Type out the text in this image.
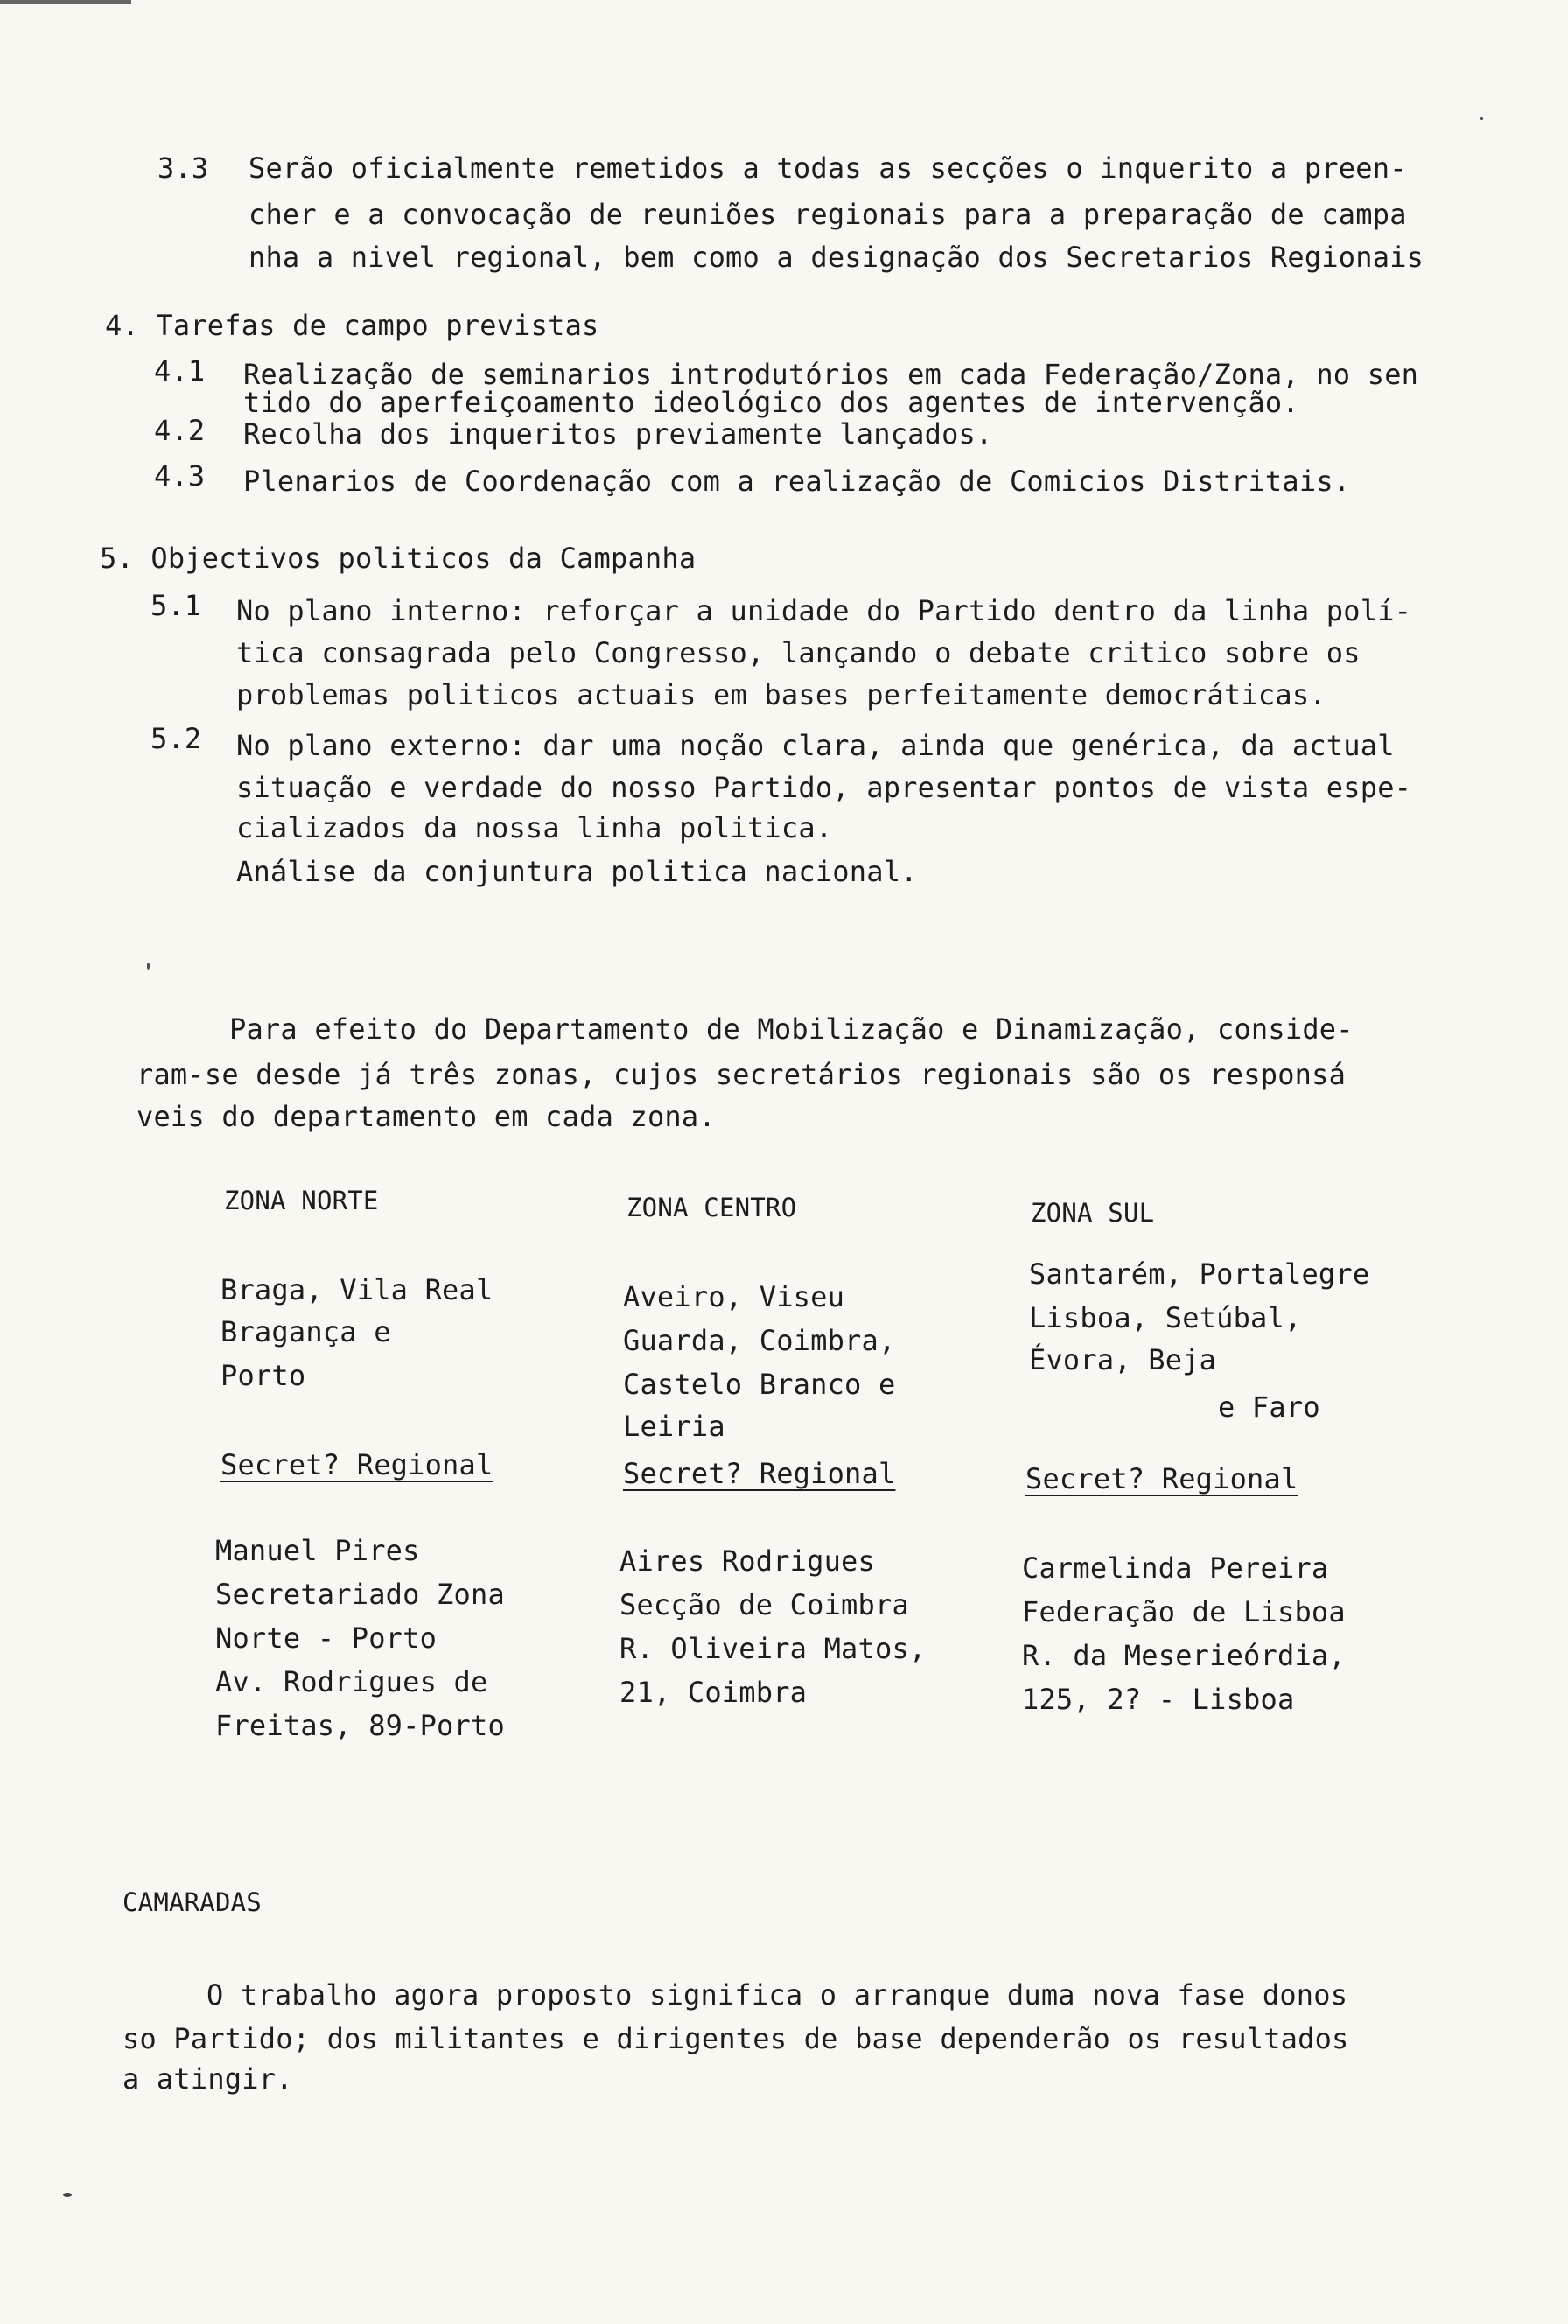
3.3 Serão oficialmente remetidos a todas as secções o inquerito a preen-
cher e a convocação de reuniões regionais para a preparação de campa
nha a nivel regional, bem como a designação dos Secretarios Regionais
4. Tarefas de campo previstas
4.1 Realização de seminarios introdutórios em cada Federação/Zona, no sen
tido do aperfeiçoamento ideológico dos agentes de intervenção.
4.2 Recolha dos inqueritos previamente lançados.
4.3 Plenarios de Coordenação com a realização de Comicios Distritais.
5. Objectivos politicos da Campanha
5.1 No plano interno: reforçar a unidade do Partido dentro da linha polí-
tica consagrada pelo Congresso, lançando o debate critico sobre os
problemas politicos actuais em bases perfeitamente democráticas.
5.2 No plano externo: dar uma noção clara, ainda que genérica, da actual
situação e verdade do nosso Partido, apresentar pontos de vista espe-
cializados da nossa linha politica.
Análise da conjuntura politica nacional.
Para efeito do Departamento de Mobilização e Dinamização, conside-
ram-se desde já três zonas, cujos secretários regionais são os responsá
veis do departamento em cada zona.
ZONA NORTE
Braga, Vila Real
Bragança e
Porto
Secret? Regional
Manuel Pires
Secretariado Zona
Norte - Porto
Av. Rodrigues de
Freitas, 89-Porto
ZONA CENTRO
Aveiro, Viseu
Guarda, Coimbra,
Castelo Branco e
Leiria
Secret? Regional
Aires Rodrigues
Secção de Coimbra
R. Oliveira Matos,
21, Coimbra
ZONA SUL
Santarém, Portalegre
Lisboa, Setúbal,
Évora, Beja
e Faro
Secret? Regional
Carmelinda Pereira
Federação de Lisboa
R. da Meserieórdia,
125, 2? - Lisboa
CAMARADAS
O trabalho agora proposto significa o arranque duma nova fase donos
so Partido; dos militantes e dirigentes de base dependerão os resultados
a atingir.
